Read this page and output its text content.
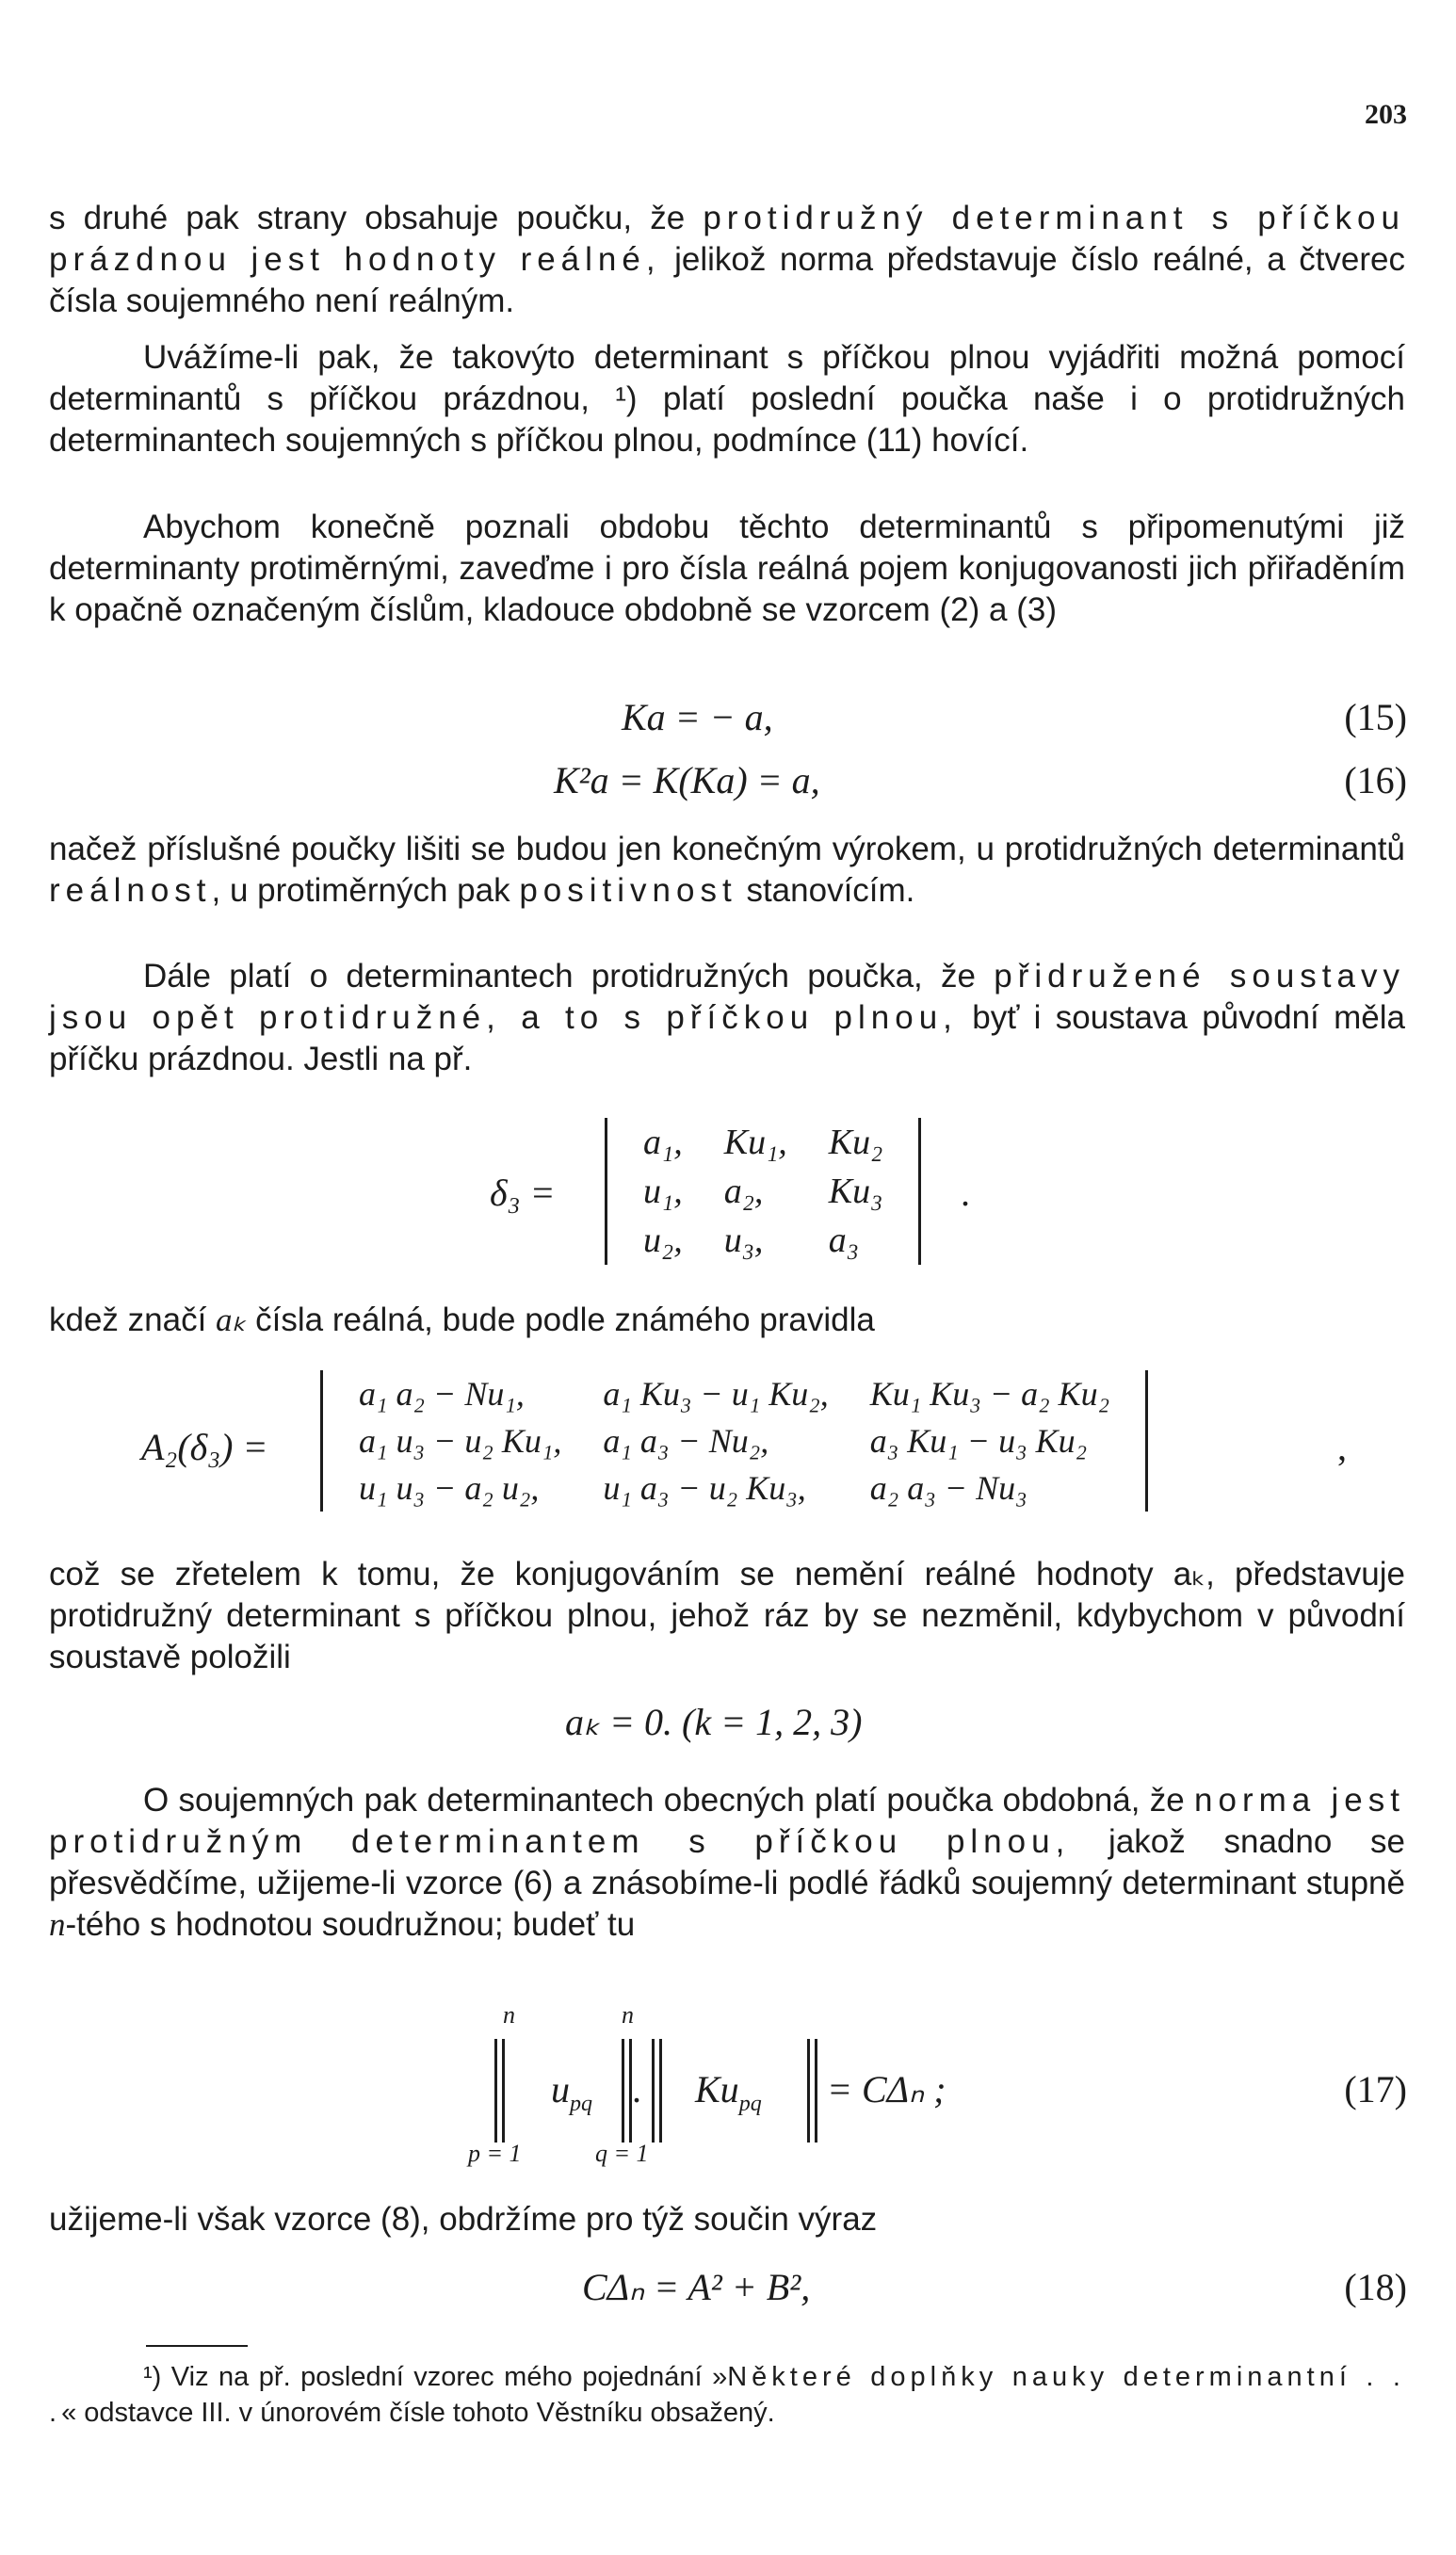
203

s druhé pak strany obsahuje poučku, že protidružný determinant s příčkou prázdnou jest hodnoty reálné, jelikož norma představuje číslo reálné, a čtverec čísla soujemného není reálným.

Uvážíme-li pak, že takovýto determinant s příčkou plnou vyjádřiti možná pomocí determinantů s příčkou prázdnou, ¹) platí poslední poučka naše i o protidružných determinantech soujemných s příčkou plnou, podmínce (11) hovící.

Abychom konečně poznali obdobu těchto determinantů s připomenutými již determinanty protiměrnými, zaveďme i pro čísla reálná pojem konjugovanosti jich přiřaděním k opačně označeným číslům, kladouce obdobně se vzorcem (2) a (3)

Ka = − a,	(15)
K²a = K(Ka) = a,	(16)

načež příslušné poučky lišiti se budou jen konečným výrokem, u protidružných determinantů reálnost, u protiměrných pak positivnost stanovícím.

Dále platí o determinantech protidružných poučka, že přidružené soustavy jsou opět protidružné, a to s příčkou plnou, byť i soustava původní měla příčku prázdnou. Jestli na př.

δ₃ =
a₁,	Ku₁,	Ku₂
u₁,	a₂,	Ku₃
u₂,	u₃,	a₃
.

kdež značí aₖ čísla reálná, bude podle známého pravidla

A₂(δ₃) =
a₁ a₂ − Nu₁,	a₁ Ku₃ − u₁ Ku₂,	Ku₁ Ku₃ − a₂ Ku₂
a₁ u₃ − u₂ Ku₁,	a₁ a₃ − Nu₂,	a₃ Ku₁ − u₃ Ku₂
u₁ u₃ − a₂ u₂,	u₁ a₃ − u₂ Ku₃,	a₂ a₃ − Nu₃
,

což se zřetelem k tomu, že konjugováním se nemění reálné hodnoty aₖ, představuje protidružný determinant s příčkou plnou, jehož ráz by se nezměnil, kdybychom v původní soustavě položili

aₖ = 0. (k = 1, 2, 3)

O soujemných pak determinantech obecných platí poučka obdobná, že norma jest protidružným determinantem s příčkou plnou, jakož snadno se přesvědčíme, užijeme-li vzorce (6) a znásobíme-li podlé řádků soujemný determinant stupně n-tého s hodnotou soudružnou; budeť tu

n	n
$u_{pq}$ . $Ku_{pq} = C\Delta_n$ ;
p = 1	q = 1
(17)

užijeme-li však vzorce (8), obdržíme pro týž součin výraz

CΔₙ = A² + B²,	(18)

¹) Viz na př. poslední vzorec mého pojednání »Některé doplňky nauky determinantní . . .« odstavce III. v únorovém čísle tohoto Věstníku obsažený.
